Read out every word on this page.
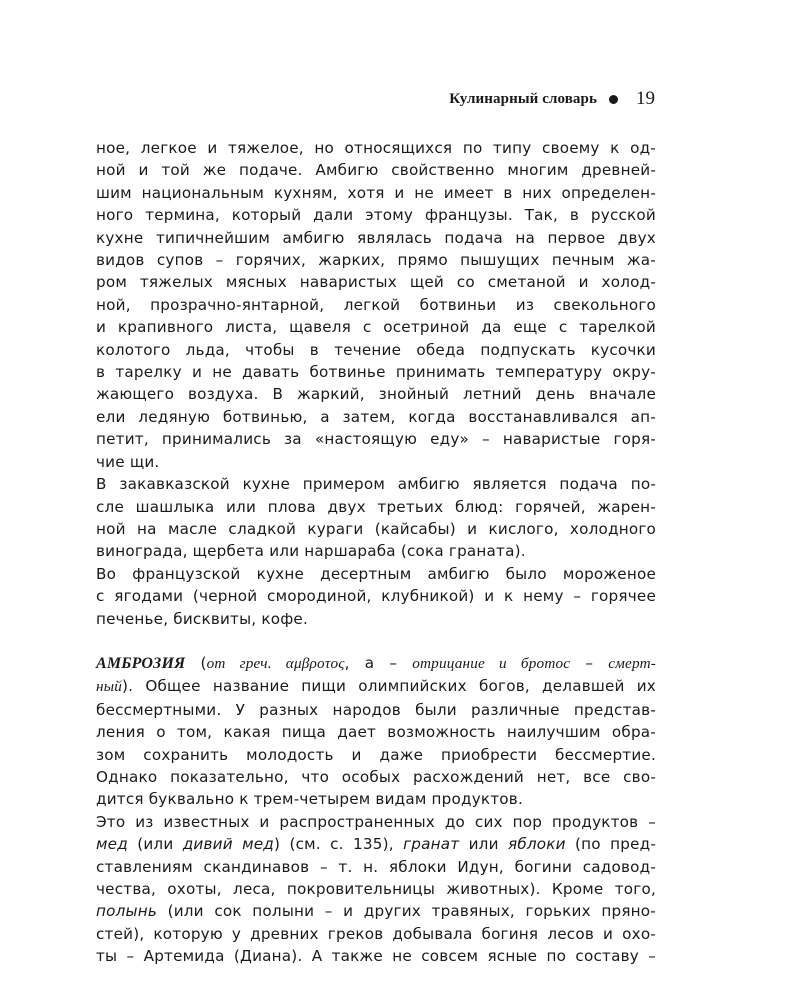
Кулинарный словарь 19
ное, легкое и тяжелое, но относящихся по типу своему к од-
ной и той же подаче. Амбигю свойственно многим древней-
шим национальным кухням, хотя и не имеет в них определен-
ного термина, который дали этому французы. Так, в русской
кухне типичнейшим амбигю являлась подача на первое двух
видов супов – горячих, жарких, прямо пышущих печным жа-
ром тяжелых мясных наваристых щей со сметаной и холод-
ной, прозрачно-янтарной, легкой ботвиньи из свекольного
и крапивного листа, щавеля с осетриной да еще с тарелкой
колотого льда, чтобы в течение обеда подпускать кусочки
в тарелку и не давать ботвинье принимать температуру окру-
жающего воздуха. В жаркий, знойный летний день вначале
ели ледяную ботвинью, а затем, когда восстанавливался ап-
петит, принимались за «настоящую еду» – наваристые горя-
чие щи.
В закавказской кухне примером амбигю является подача по-
сле шашлыка или плова двух третьих блюд: горячей, жарен-
ной на масле сладкой кураги (кайсабы) и кислого, холодного
винограда, щербета или наршараба (сока граната).
Во французской кухне десертным амбигю было мороженое
с ягодами (черной смородиной, клубникой) и к нему – горячее
печенье, бисквиты, кофе.
АМБРОЗИЯ (от греч. αμβροτος, а – отрицание и бротос – смерт-
ный). Общее название пищи олимпийских богов, делавшей их
бессмертными. У разных народов были различные представ-
ления о том, какая пища дает возможность наилучшим обра-
зом сохранить молодость и даже приобрести бессмертие.
Однако показательно, что особых расхождений нет, все сво-
дится буквально к трем-четырем видам продуктов.
Это из известных и распространенных до сих пор продуктов –
мед (или дивий мед) (см. с. 135), гранат или яблоки (по пред-
ставлениям скандинавов – т. н. яблоки Идун, богини садовод-
чества, охоты, леса, покровительницы животных). Кроме того,
полынь (или сок полыни – и других травяных, горьких пряно-
стей), которую у древних греков добывала богиня лесов и охо-
ты – Артемида (Диана). А также не совсем ясные по составу –
